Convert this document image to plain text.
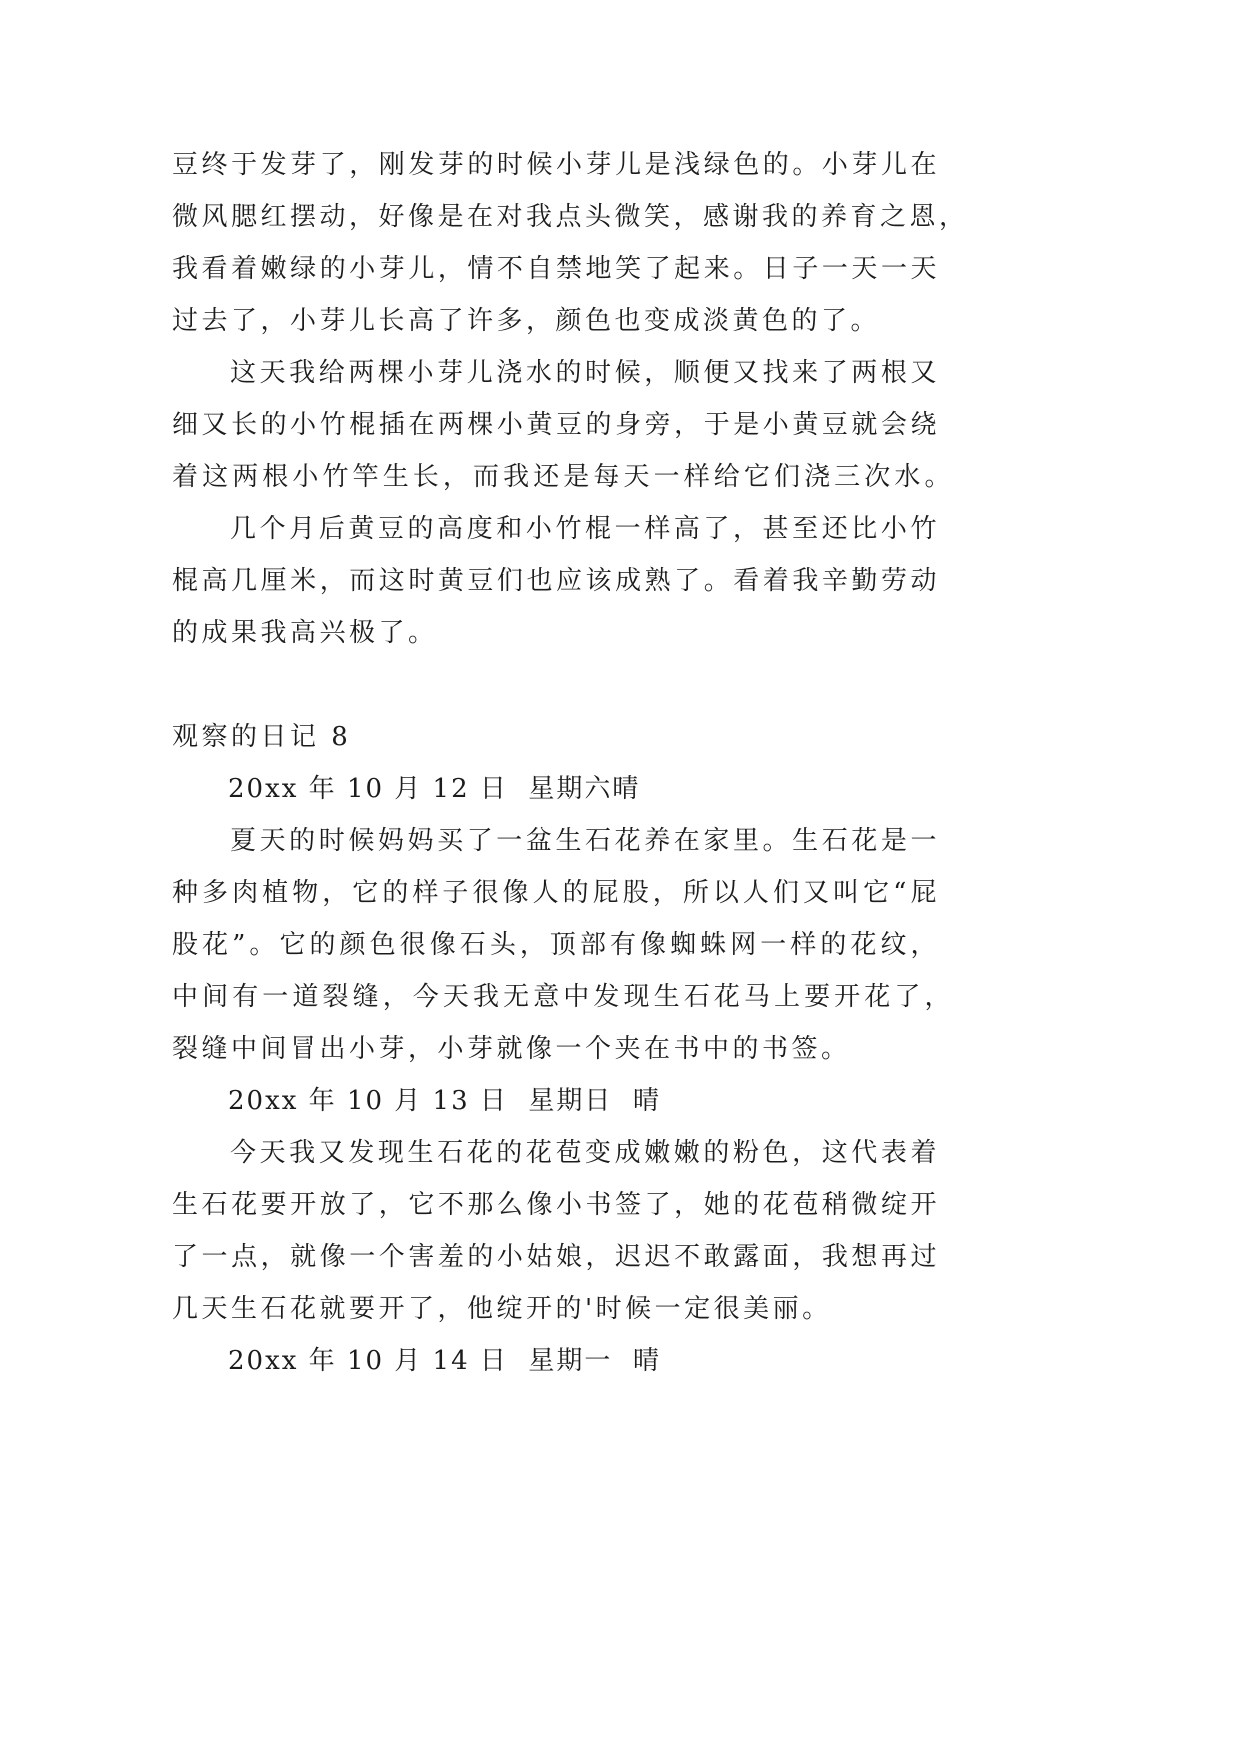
豆终于发芽了，刚发芽的时候小芽儿是浅绿色的。小芽儿在
微风腮红摆动，好像是在对我点头微笑，感谢我的养育之恩，
我看着嫩绿的小芽儿，情不自禁地笑了起来。日子一天一天
过去了，小芽儿长高了许多，颜色也变成淡黄色的了。
这天我给两棵小芽儿浇水的时候，顺便又找来了两根又
细又长的小竹棍插在两棵小黄豆的身旁，于是小黄豆就会绕
着这两根小竹竿生长，而我还是每天一样给它们浇三次水。
几个月后黄豆的高度和小竹棍一样高了，甚至还比小竹
棍高几厘米，而这时黄豆们也应该成熟了。看着我辛勤劳动
的成果我高兴极了。
观察的日记 8
20xx 年 10 月 12 日  星期六晴
夏天的时候妈妈买了一盆生石花养在家里。生石花是一
种多肉植物，它的样子很像人的屁股，所以人们又叫它“屁
股花”。它的颜色很像石头，顶部有像蜘蛛网一样的花纹，
中间有一道裂缝，今天我无意中发现生石花马上要开花了，
裂缝中间冒出小芽，小芽就像一个夹在书中的书签。
20xx 年 10 月 13 日  星期日  晴
今天我又发现生石花的花苞变成嫩嫩的粉色，这代表着
生石花要开放了，它不那么像小书签了，她的花苞稍微绽开
了一点，就像一个害羞的小姑娘，迟迟不敢露面，我想再过
几天生石花就要开了，他绽开的'时候一定很美丽。
20xx 年 10 月 14 日  星期一  晴
